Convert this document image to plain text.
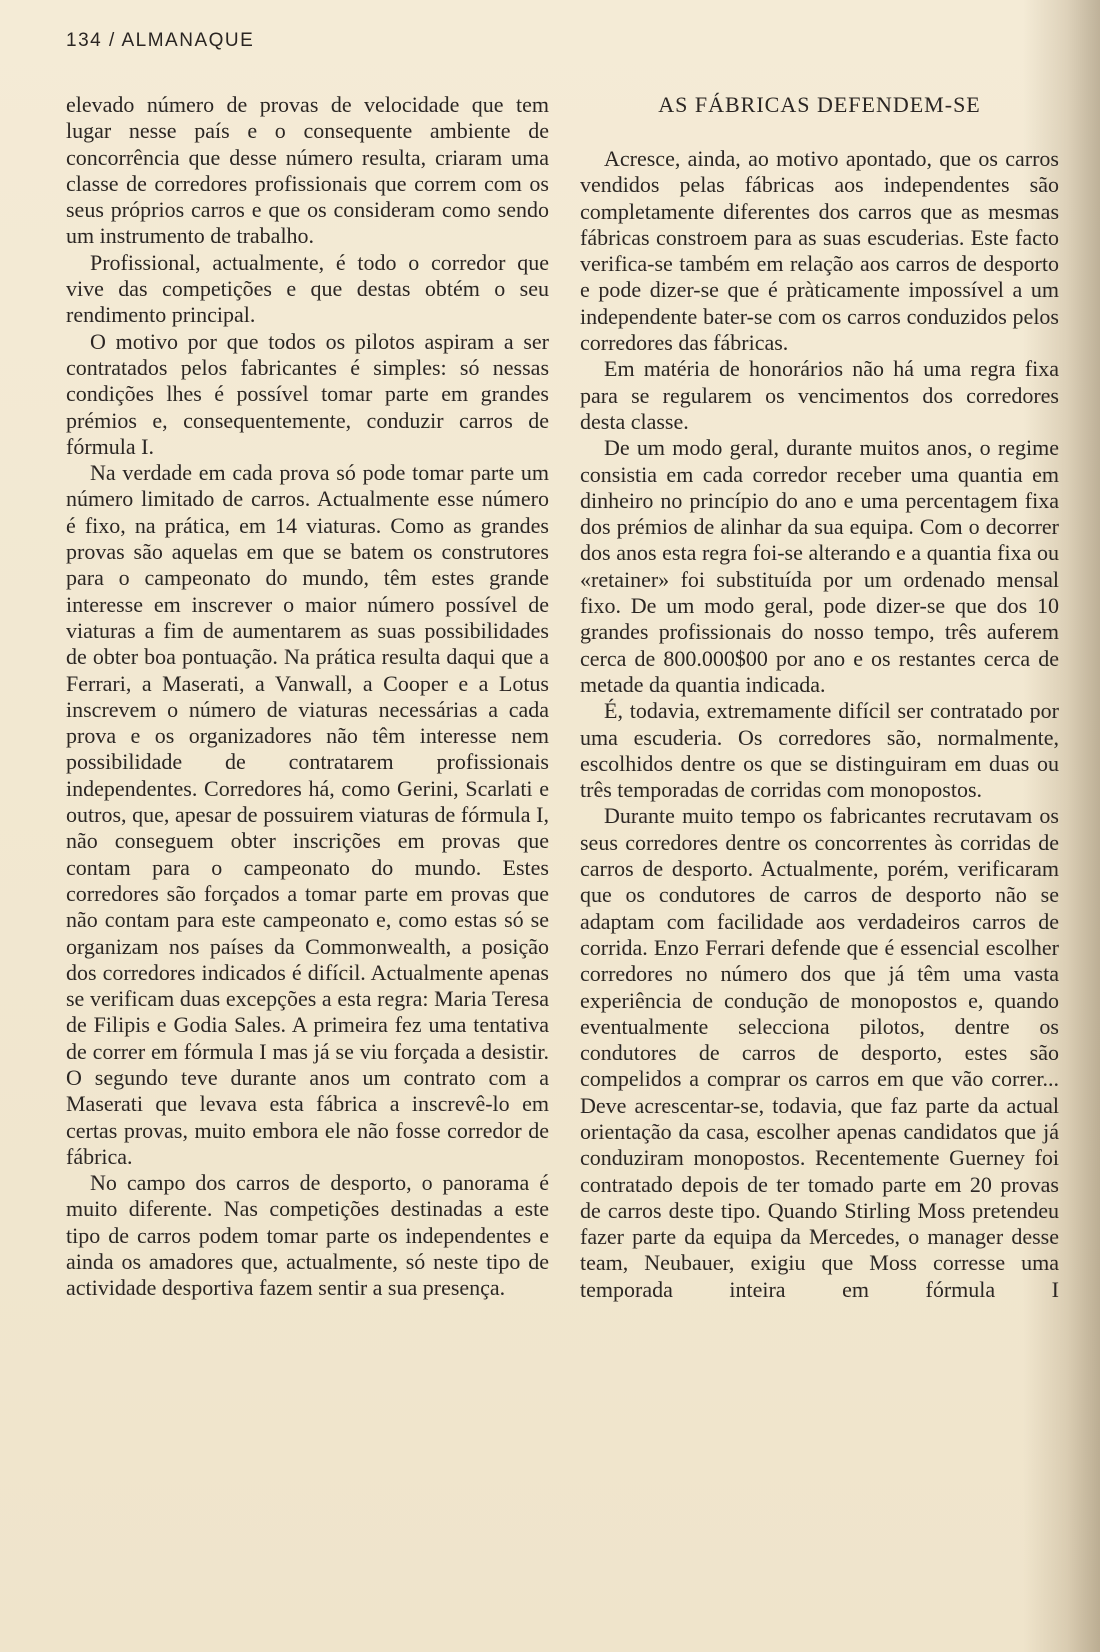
134 / ALMANAQUE

elevado número de provas de velocidade que tem lugar nesse país e o consequente ambiente de concorrência que desse número resulta, criaram uma classe de corredores profissionais que correm com os seus próprios carros e que os consideram como sendo um instrumento de trabalho.

Profissional, actualmente, é todo o corredor que vive das competições e que destas obtém o seu rendimento principal.

O motivo por que todos os pilotos aspiram a ser contratados pelos fabricantes é simples: só nessas condições lhes é possível tomar parte em grandes prémios e, consequentemente, conduzir carros de fórmula I.

Na verdade em cada prova só pode tomar parte um número limitado de carros. Actualmente esse número é fixo, na prática, em 14 viaturas. Como as grandes provas são aquelas em que se batem os construtores para o campeonato do mundo, têm estes grande interesse em inscrever o maior número possível de viaturas a fim de aumentarem as suas possibilidades de obter boa pontuação. Na prática resulta daqui que a Ferrari, a Maserati, a Vanwall, a Cooper e a Lotus inscrevem o número de viaturas necessárias a cada prova e os organizadores não têm interesse nem possibilidade de contratarem profissionais independentes. Corredores há, como Gerini, Scarlati e outros, que, apesar de possuirem viaturas de fórmula I, não conseguem obter inscrições em provas que contam para o campeonato do mundo. Estes corredores são forçados a tomar parte em provas que não contam para este campeonato e, como estas só se organizam nos países da Commonwealth, a posição dos corredores indicados é difícil. Actualmente apenas se verificam duas excepções a esta regra: Maria Teresa de Filipis e Godia Sales. A primeira fez uma tentativa de correr em fórmula I mas já se viu forçada a desistir. O segundo teve durante anos um contrato com a Maserati que levava esta fábrica a inscrevê-lo em certas provas, muito embora ele não fosse corredor de fábrica.

No campo dos carros de desporto, o panorama é muito diferente. Nas competições destinadas a este tipo de carros podem tomar parte os independentes e ainda os amadores que, actualmente, só neste tipo de actividade desportiva fazem sentir a sua presença.

AS FÁBRICAS DEFENDEM-SE

Acresce, ainda, ao motivo apontado, que os carros vendidos pelas fábricas aos independentes são completamente diferentes dos carros que as mesmas fábricas constroem para as suas escuderias. Este facto verifica-se também em relação aos carros de desporto e pode dizer-se que é pràticamente impossível a um independente bater-se com os carros conduzidos pelos corredores das fábricas.

Em matéria de honorários não há uma regra fixa para se regularem os vencimentos dos corredores desta classe.

De um modo geral, durante muitos anos, o regime consistia em cada corredor receber uma quantia em dinheiro no princípio do ano e uma percentagem fixa dos prémios de alinhar da sua equipa. Com o decorrer dos anos esta regra foi-se alterando e a quantia fixa ou «retainer» foi substituída por um ordenado mensal fixo. De um modo geral, pode dizer-se que dos 10 grandes profissionais do nosso tempo, três auferem cerca de 800.000$00 por ano e os restantes cerca de metade da quantia indicada.

É, todavia, extremamente difícil ser contratado por uma escuderia. Os corredores são, normalmente, escolhidos dentre os que se distinguiram em duas ou três temporadas de corridas com monopostos.

Durante muito tempo os fabricantes recrutavam os seus corredores dentre os concorrentes às corridas de carros de desporto. Actualmente, porém, verificaram que os condutores de carros de desporto não se adaptam com facilidade aos verdadeiros carros de corrida. Enzo Ferrari defende que é essencial escolher corredores no número dos que já têm uma vasta experiência de condução de monopostos e, quando eventualmente selecciona pilotos, dentre os condutores de carros de desporto, estes são compelidos a comprar os carros em que vão correr... Deve acrescentar-se, todavia, que faz parte da actual orientação da casa, escolher apenas candidatos que já conduziram monopostos. Recentemente Guerney foi contratado depois de ter tomado parte em 20 provas de carros deste tipo. Quando Stirling Moss pretendeu fazer parte da equipa da Mercedes, o manager desse team, Neubauer, exigiu que Moss corresse uma temporada inteira em fórmula I
